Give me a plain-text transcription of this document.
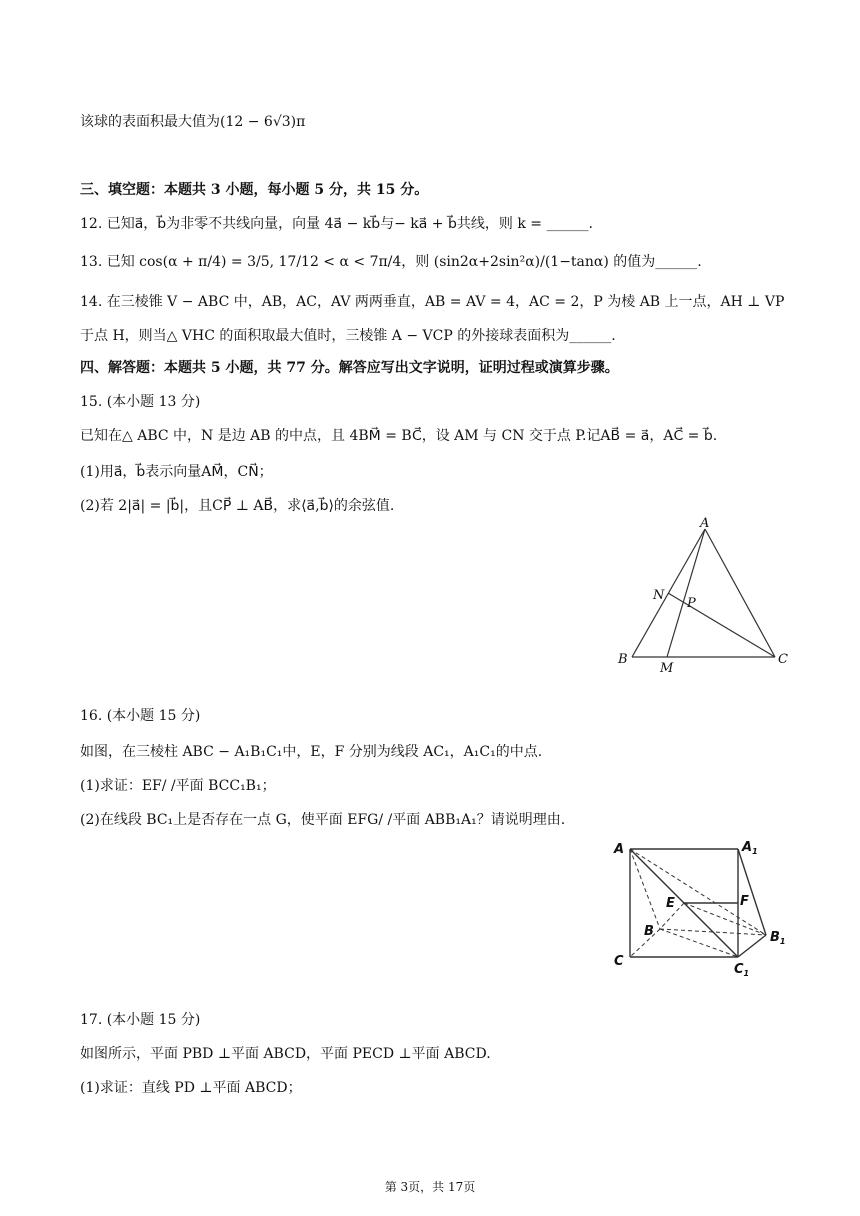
该球的表面积最大值为(12 − 6√3)π
三、填空题：本题共 3 小题，每小题 5 分，共 15 分。
12. 已知a⃗，b⃗为非零不共线向量，向量 4a⃗ − kb⃗与− ka⃗ + b⃗共线，则 k = ______.
13. 已知 cos(α + π/4) = 3/5, 17/12 < α < 7π/4，则 (sin2α+2sin²α)/(1−tanα) 的值为______.
14. 在三棱锥 V − ABC 中，AB，AC，AV 两两垂直，AB = AV = 4，AC = 2，P 为棱 AB 上一点，AH ⊥ VP
于点 H，则当△ VHC 的面积取最大值时，三棱锥 A − VCP 的外接球表面积为______.
四、解答题：本题共 5 小题，共 77 分。解答应写出文字说明，证明过程或演算步骤。
15. (本小题 13 分)
已知在△ ABC 中，N 是边 AB 的中点，且 4BM⃗ = BC⃗，设 AM 与 CN 交于点 P.记AB⃗ = a⃗，AC⃗ = b⃗.
(1)用a⃗，b⃗表示向量AM⃗，CN⃗；
(2)若 2|a⃗| = |b⃗|，且CP⃗ ⊥ AB⃗，求⟨a⃗,b⃗⟩的余弦值.
A
B	C
N
M
P
16. (本小题 15 分)
如图，在三棱柱 ABC − A₁B₁C₁中，E，F 分别为线段 AC₁，A₁C₁的中点.
(1)求证：EF/ /平面 BCC₁B₁；
(2)在线段 BC₁上是否存在一点 G，使平面 EFG/ /平面 ABB₁A₁？请说明理由.
A	$A_1$
B	$B_1$
C
$C_1$
E	F
17. (本小题 15 分)
如图所示，平面 PBD ⊥平面 ABCD，平面 PECD ⊥平面 ABCD.
(1)求证：直线 PD ⊥平面 ABCD；
第 3页，共 17页
